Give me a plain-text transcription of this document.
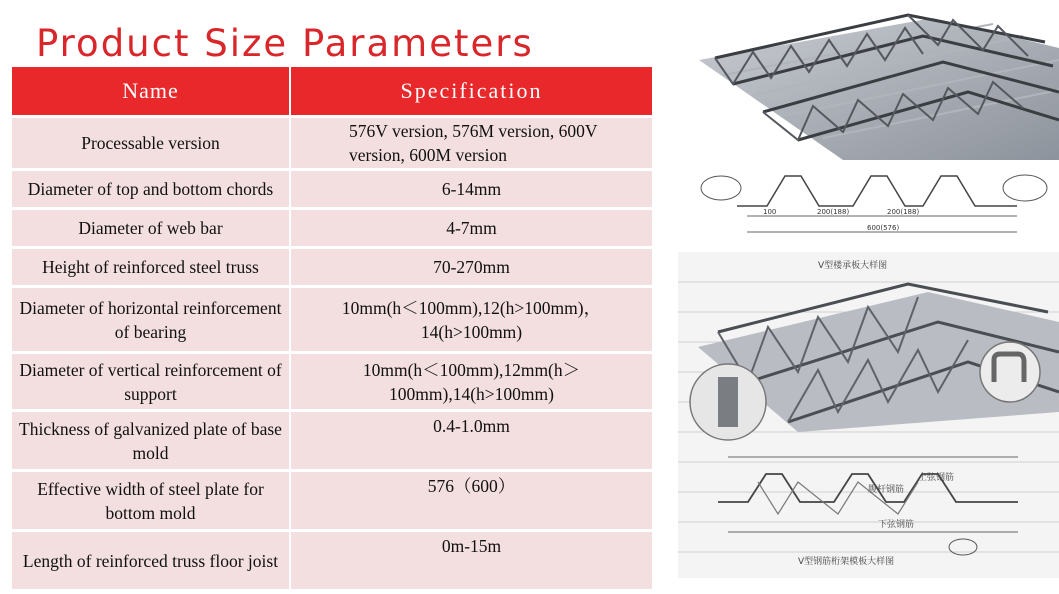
Product Size Parameters
Name	Specification
Processable version	576V version, 576M version, 600V version, 600M version
Diameter of top and bottom chords	6-14mm
Diameter of web bar	4-7mm
Height of reinforced steel truss	70-270mm
Diameter of horizontal reinforcement of bearing	10mm(h＜100mm),12(h>100mm)，14(h>100mm)
Diameter of vertical reinforcement of support	10mm(h＜100mm),12mm(h＞100mm),14(h>100mm)
Thickness of galvanized plate of base mold	0.4-1.0mm
Effective width of steel plate for bottom mold	576（600）
Length of reinforced truss floor joist	0m-15m
100	200(188)	200(188)
600(576)
V型楼承板大样图
上弦钢筋
腹杆钢筋
下弦钢筋
V型钢筋桁架模板大样图
